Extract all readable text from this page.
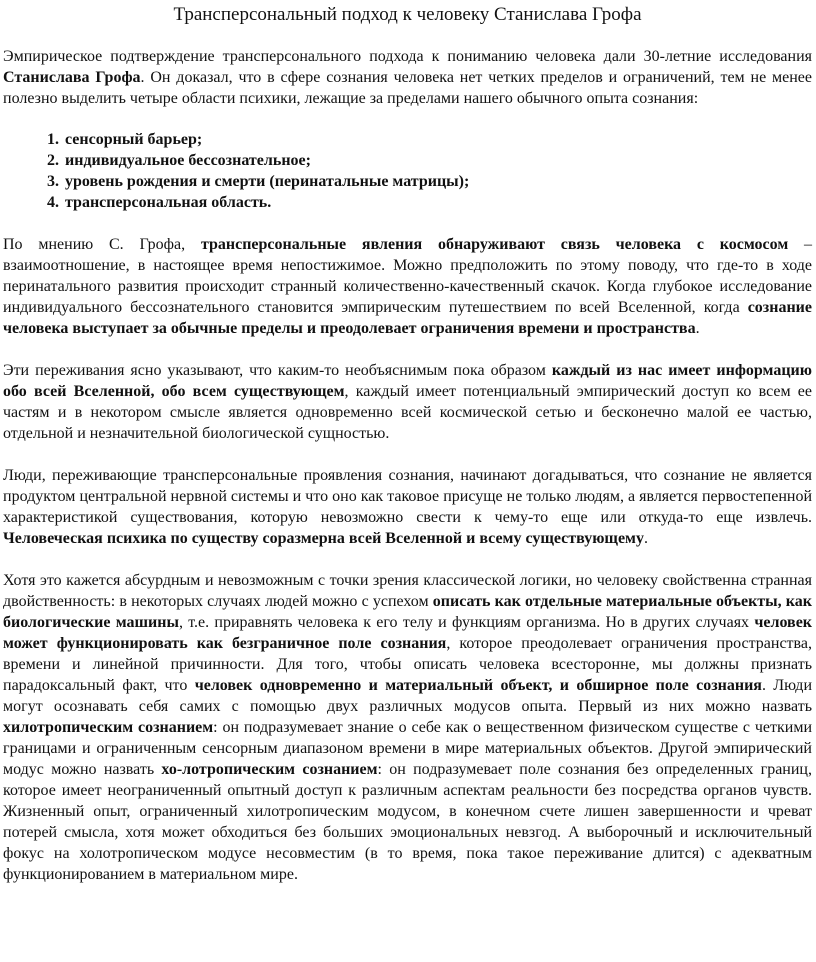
Трансперсональный подход к человеку Станислава Грофа

Эмпирическое подтверждение трансперсонального подхода к пониманию человека дали 30-летние исследования Станислава Грофа. Он доказал, что в сфере сознания человека нет четких пределов и ограничений, тем не менее полезно выделить четыре области психики, лежащие за пределами нашего обычного опыта сознания:

1. сенсорный барьер;
2. индивидуальное бессознательное;
3. уровень рождения и смерти (перинатальные матрицы);
4. трансперсональная область.

По мнению С. Грофа, трансперсональные явления обнаруживают связь человека с космосом – взаимоотношение, в настоящее время непостижимое. Можно предположить по этому поводу, что где-то в ходе перинатального развития происходит странный количественно-качественный скачок. Когда глубокое исследование индивидуального бессознательного становится эмпирическим путешествием по всей Вселенной, когда сознание человека выступает за обычные пределы и преодолевает ограничения времени и пространства.

Эти переживания ясно указывают, что каким-то необъяснимым пока образом каждый из нас имеет информацию обо всей Вселенной, обо всем существующем, каждый имеет потенциальный эмпирический доступ ко всем ее частям и в некотором смысле является одновременно всей космической сетью и бесконечно малой ее частью, отдельной и незначительной биологической сущностью.

Люди, переживающие трансперсональные проявления сознания, начинают догадываться, что сознание не является продуктом центральной нервной системы и что оно как таковое присуще не только людям, а является первостепенной характеристикой существования, которую невозможно свести к чему-то еще или откуда-то еще извлечь. Человеческая психика по существу соразмерна всей Вселенной и всему существующему.

Хотя это кажется абсурдным и невозможным с точки зрения классической логики, но человеку свойственна странная двойственность: в некоторых случаях людей можно с успехом описать как отдельные материальные объекты, как биологические машины, т.е. приравнять человека к его телу и функциям организма. Но в других случаях человек может функционировать как безграничное поле сознания, которое преодолевает ограничения пространства, времени и линейной причинности. Для того, чтобы описать человека всесторонне, мы должны признать парадоксальный факт, что человек одновременно и материальный объект, и обширное поле сознания. Люди могут осознавать себя самих с помощью двух различных модусов опыта. Первый из них можно назвать хилотропическим сознанием: он подразумевает знание о себе как о вещественном физическом существе с четкими границами и ограниченным сенсорным диапазоном времени в мире материальных объектов. Другой эмпирический модус можно назвать хо-лотропическим сознанием: он подразумевает поле сознания без определенных границ, которое имеет неограниченный опытный доступ к различным аспектам реальности без посредства органов чувств. Жизненный опыт, ограниченный хилотропическим модусом, в конечном счете лишен завершенности и чреват потерей смысла, хотя может обходиться без больших эмоциональных невзгод. А выборочный и исключительный фокус на холотропическом модусе несовместим (в то время, пока такое переживание длится) с адекватным функционированием в материальном мире.
